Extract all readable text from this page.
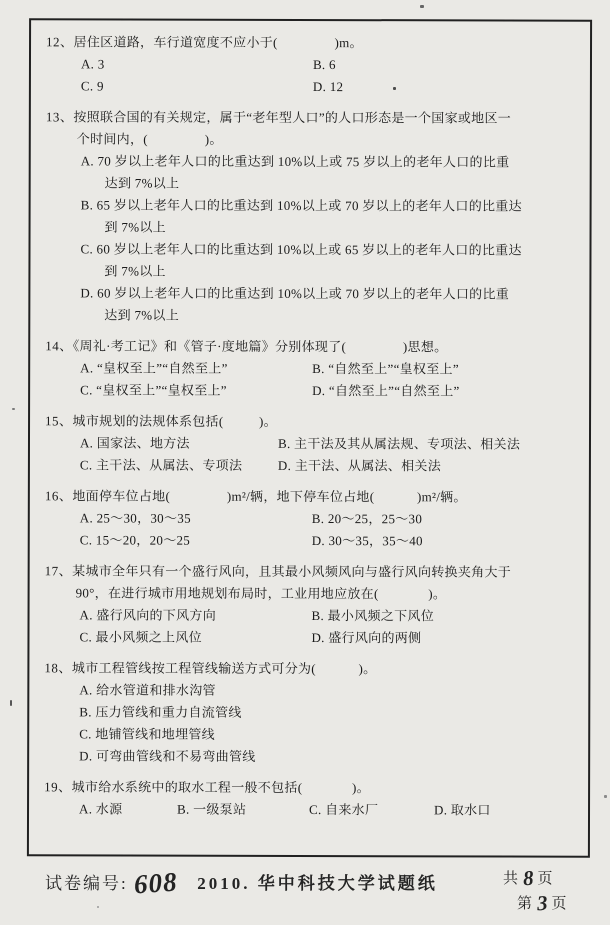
12、居住区道路，车行道宽度不应小于(                )m。

A. 3	B. 6
C. 9	D. 12

13、按照联合国的有关规定，属于“老年型人口”的人口形态是一个国家或地区一
个时间内，(                )。

A. 70 岁以上老年人口的比重达到 10%以上或 75 岁以上的老年人口的比重
达到 7%以上
B. 65 岁以上老年人口的比重达到 10%以上或 70 岁以上的老年人口的比重达
到 7%以上
C. 60 岁以上老年人口的比重达到 10%以上或 65 岁以上的老年人口的比重达
到 7%以上
D. 60 岁以上老年人口的比重达到 10%以上或 70 岁以上的老年人口的比重
达到 7%以上

14、《周礼·考工记》和《管子·度地篇》分别体现了(                )思想。

A. “皇权至上”“自然至上”	B. “自然至上”“皇权至上”
C. “皇权至上”“皇权至上”	D. “自然至上”“自然至上”

15、城市规划的法规体系包括(          )。

A. 国家法、地方法	B. 主干法及其从属法规、专项法、相关法
C. 主干法、从属法、专项法	D. 主干法、从属法、相关法

16、地面停车位占地(                )m²/辆，地下停车位占地(            )m²/辆。

A. 25～30，30～35	B. 20～25，25～30
C. 15～20，20～25	D. 30～35，35～40

17、某城市全年只有一个盛行风向，且其最小风频风向与盛行风向转换夹角大于
90°，在进行城市用地规划布局时，工业用地应放在(              )。

A. 盛行风向的下风方向	B. 最小风频之下风位
C. 最小风频之上风位	D. 盛行风向的两侧

18、城市工程管线按工程管线输送方式可分为(            )。

A. 给水管道和排水沟管
B. 压力管线和重力自流管线
C. 地铺管线和地埋管线
D. 可弯曲管线和不易弯曲管线

19、城市给水系统中的取水工程一般不包括(              )。

A. 水源	B. 一级泵站	C. 自来水厂	D. 取水口
试卷编号: 608 2010. 华中科技大学试题纸	共 8 页
第 3 页
